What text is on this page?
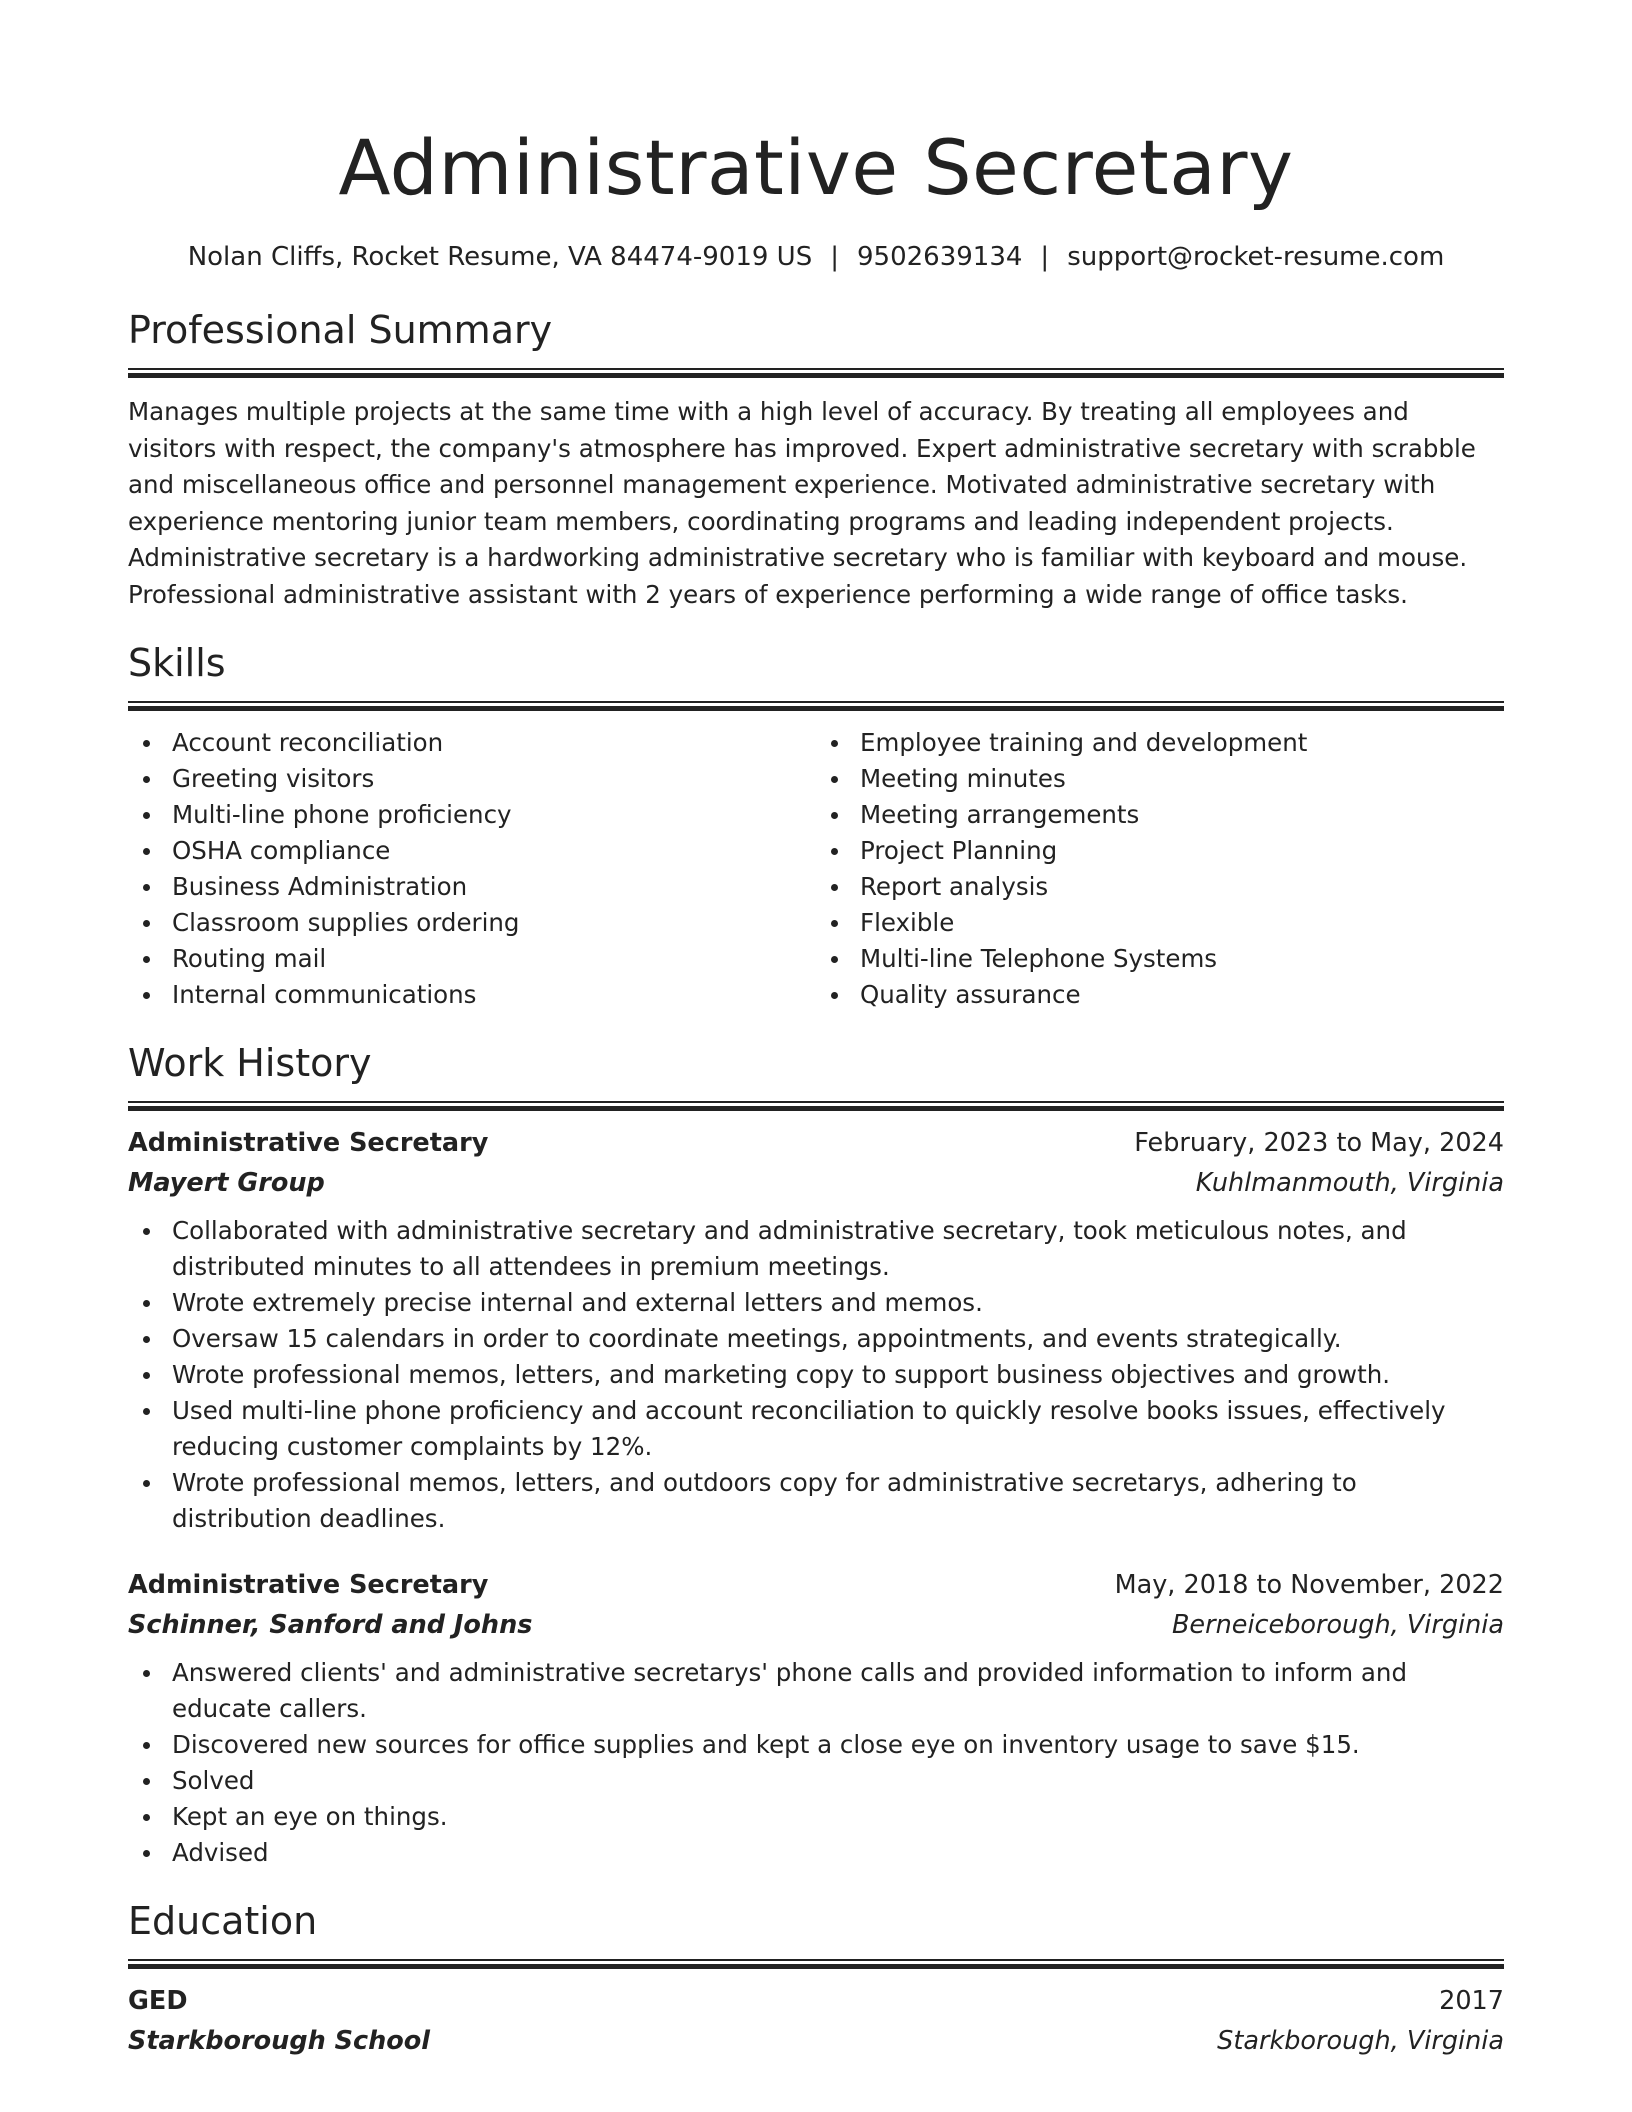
Administrative Secretary
Nolan Cliffs, Rocket Resume, VA 84474-9019 US | 9502639134 | support@rocket-resume.com
Professional Summary
Manages multiple projects at the same time with a high level of accuracy. By treating all employees and visitors with respect, the company's atmosphere has improved. Expert administrative secretary with scrabble and miscellaneous office and personnel management experience. Motivated administrative secretary with experience mentoring junior team members, coordinating programs and leading independent projects. Administrative secretary is a hardworking administrative secretary who is familiar with keyboard and mouse. Professional administrative assistant with 2 years of experience performing a wide range of office tasks.
Skills
Account reconciliation
Greeting visitors
Multi-line phone proficiency
OSHA compliance
Business Administration
Classroom supplies ordering
Routing mail
Internal communications
Employee training and development
Meeting minutes
Meeting arrangements
Project Planning
Report analysis
Flexible
Multi-line Telephone Systems
Quality assurance
Work History
Administrative Secretary	February, 2023 to May, 2024
Mayert Group	Kuhlmanmouth, Virginia
Collaborated with administrative secretary and administrative secretary, took meticulous notes, and distributed minutes to all attendees in premium meetings.
Wrote extremely precise internal and external letters and memos.
Oversaw 15 calendars in order to coordinate meetings, appointments, and events strategically.
Wrote professional memos, letters, and marketing copy to support business objectives and growth.
Used multi-line phone proficiency and account reconciliation to quickly resolve books issues, effectively reducing customer complaints by 12%.
Wrote professional memos, letters, and outdoors copy for administrative secretarys, adhering to distribution deadlines.
Administrative Secretary	May, 2018 to November, 2022
Schinner, Sanford and Johns	Berneiceborough, Virginia
Answered clients' and administrative secretarys' phone calls and provided information to inform and educate callers.
Discovered new sources for office supplies and kept a close eye on inventory usage to save $15.
Solved
Kept an eye on things.
Advised
Education
GED	2017
Starkborough School	Starkborough, Virginia
